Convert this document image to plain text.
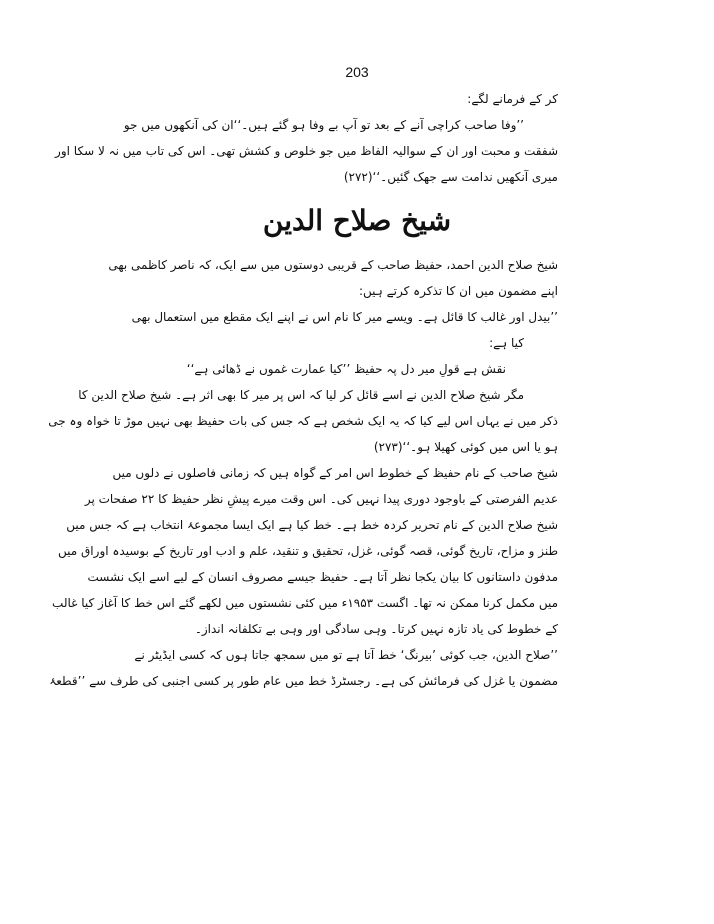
203
کر کے فرمانے لگے:
’’وفا صاحب کراچی آنے کے بعد تو آپ بے وفا ہو گئے ہیں۔‘‘ان کی آنکھوں میں جو
شفقت و محبت اور ان کے سوالیہ الفاظ میں جو خلوص و کشش تھی۔ اس کی تاب میں نہ لا سکا اور
میری آنکھیں ندامت سے جھک گئیں۔‘‘(۲۷۲)
شیخ صلاح الدین
شیخ صلاح الدین احمد، حفیظ صاحب کے قریبی دوستوں میں سے ایک، کہ ناصر کاظمی بھی
اپنے مضمون میں ان کا تذکرہ کرتے ہیں:
’’بیدل اور غالب کا قائل ہے۔ ویسے میر کا نام اس نے اپنے ایک مقطع میں استعمال بھی
کیا ہے:
نقش ہے قولِ میر دل پہ حفیظ ’’کیا عمارت غموں نے ڈھائی ہے‘‘
مگر شیخ صلاح الدین نے اسے قائل کر لیا کہ اس پر میر کا بھی اثر ہے۔ شیخ صلاح الدین کا
ذکر میں نے یہاں اس لیے کیا کہ یہ ایک شخص ہے کہ جس کی بات حفیظ بھی نہیں موڑ تا خواہ وہ جی
ہو یا اس میں کوئی کھیلا ہو۔‘‘(۲۷۳)
شیخ صاحب کے نام حفیظ کے خطوط اس امر کے گواہ ہیں کہ زمانی فاصلوں نے دلوں میں
عدیم الفرصتی کے باوجود دوری پیدا نہیں کی۔ اس وقت میرے پیشِ نظر حفیظ کا ۲۲ صفحات پر
شیخ صلاح الدین کے نام تحریر کردہ خط ہے۔ خط کیا ہے ایک ایسا مجموعۂ انتخاب ہے کہ جس میں
طنز و مزاح، تاریخ گوئی، قصہ گوئی، غزل، تحقیق و تنقید، علم و ادب اور تاریخ کے بوسیدہ اوراق میں
مدفون داستانوں کا بیان یکجا نظر آتا ہے۔ حفیظ جیسے مصروف انسان کے لیے اسے ایک نشست
میں مکمل کرنا ممکن نہ تھا۔ اگست ۱۹۵۳ء میں کئی نشستوں میں لکھے گئے اس خط کا آغاز کیا غالب
کے خطوط کی یاد تازہ نہیں کرتا۔ وہی سادگی اور وہی بے تکلفانہ انداز۔
’’صلاح الدین، جب کوئی ’بیرنگ‘ خط آتا ہے تو میں سمجھ جاتا ہوں کہ کسی ایڈیٹر نے
مضمون یا غزل کی فرمائش کی ہے۔ رجسٹرڈ خط میں عام طور پر کسی اجنبی کی طرف سے ’’قطعۂ
